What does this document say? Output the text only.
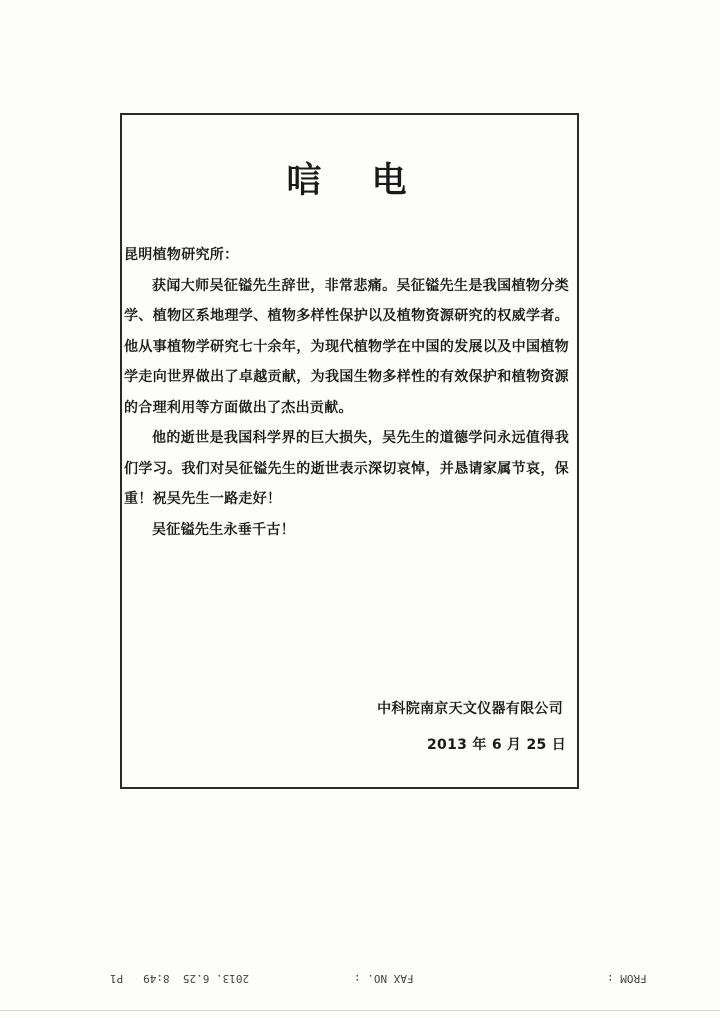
唁 电

昆明植物研究所：

获闻大师吴征镒先生辞世，非常悲痛。吴征镒先生是我国植物分类学、植物区系地理学、植物多样性保护以及植物资源研究的权威学者。他从事植物学研究七十余年，为现代植物学在中国的发展以及中国植物学走向世界做出了卓越贡献，为我国生物多样性的有效保护和植物资源的合理利用等方面做出了杰出贡献。

他的逝世是我国科学界的巨大损失，吴先生的道德学问永远值得我们学习。我们对吴征镒先生的逝世表示深切哀悼，并恳请家属节哀，保重！祝吴先生一路走好！

吴征镒先生永垂千古！

中科院南京天文仪器有限公司
2013 年 6 月 25 日
FROM :
FAX NO. :
2013. 6.25  8:49   P1
